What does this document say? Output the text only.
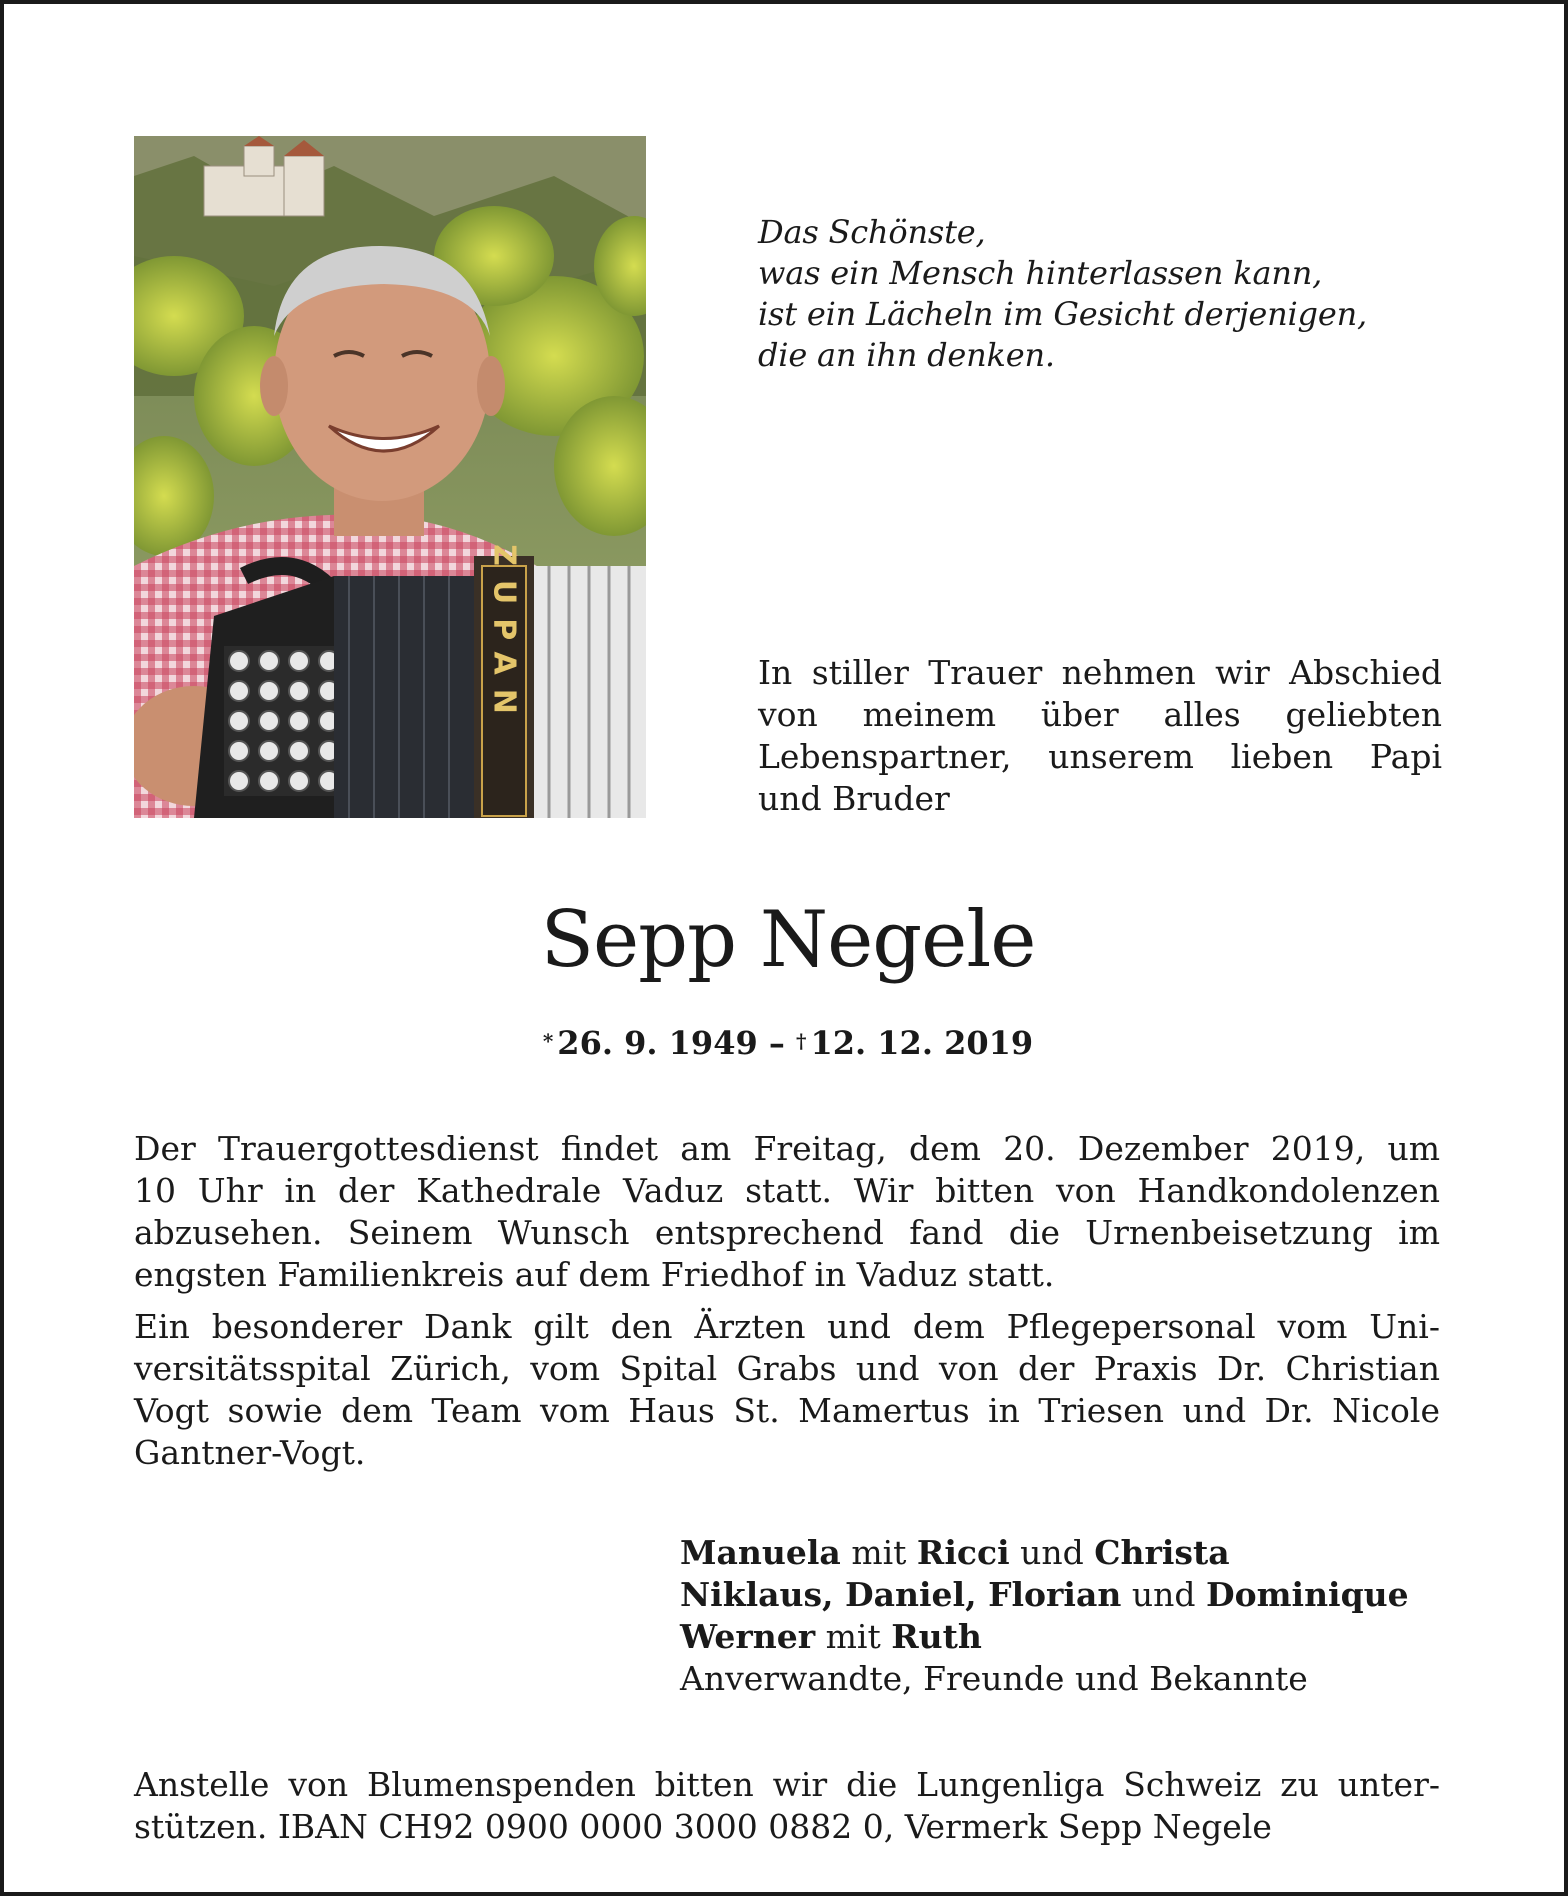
ZUPAN
Das Schönste,
was ein Mensch hinterlassen kann,
ist ein Lächeln im Gesicht derjenigen,
die an ihn denken.
In stiller Trauer nehmen wir Abschied
von meinem über alles geliebten
Lebenspartner, unserem lieben Papi
und Bruder
Sepp Negele
* 26. 9. 1949 – † 12. 12. 2019
Der Trauergottesdienst findet am Freitag, dem 20. Dezember 2019, um
10 Uhr in der Kathedrale Vaduz statt. Wir bitten von Handkondolenzen
abzusehen. Seinem Wunsch entsprechend fand die Urnenbeisetzung im
engsten Familienkreis auf dem Friedhof in Vaduz statt.
Ein besonderer Dank gilt den Ärzten und dem Pflegepersonal vom Uni-
versitätsspital Zürich, vom Spital Grabs und von der Praxis Dr. Christian
Vogt sowie dem Team vom Haus St. Mamertus in Triesen und Dr. Nicole
Gantner-Vogt.
Manuela mit Ricci und Christa
Niklaus, Daniel, Florian und Dominique
Werner mit Ruth
Anverwandte, Freunde und Bekannte
Anstelle von Blumenspenden bitten wir die Lungenliga Schweiz zu unter-
stützen. IBAN CH92 0900 0000 3000 0882 0, Vermerk Sepp Negele
